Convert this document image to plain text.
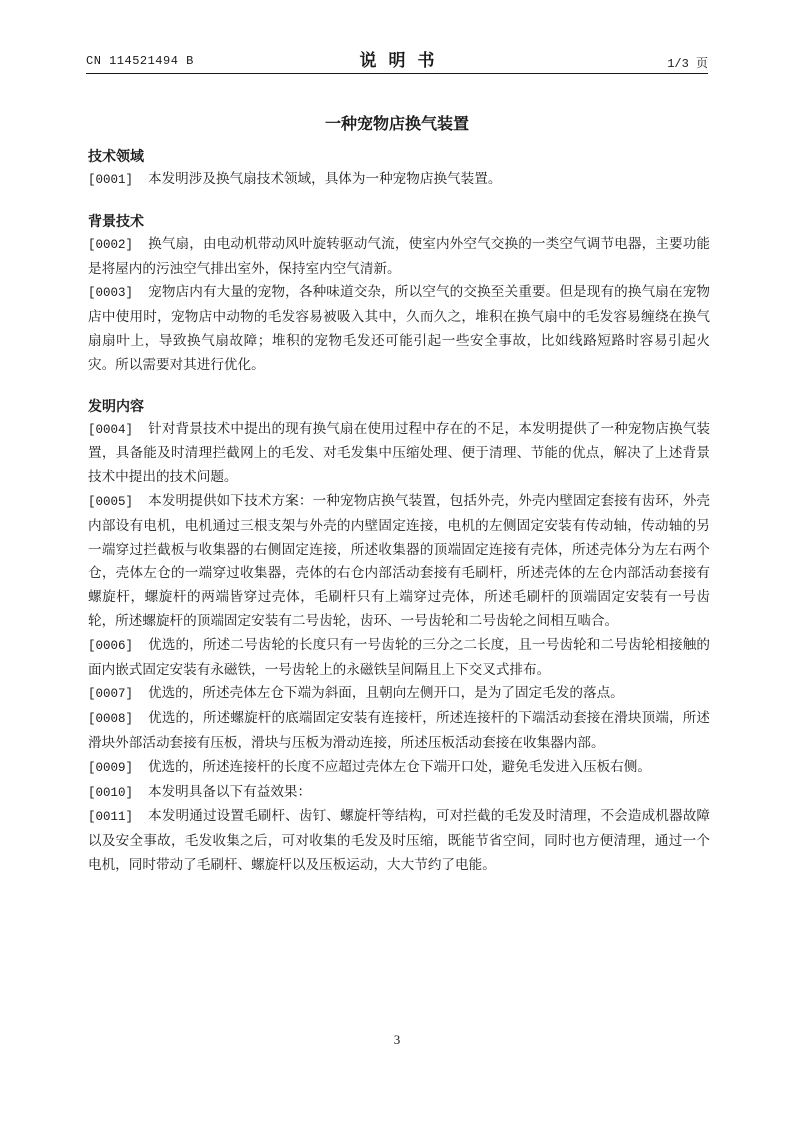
CN 114521494 B	说明书	1/3 页
一种宠物店换气装置
技术领域

[0001] 本发明涉及换气扇技术领域，具体为一种宠物店换气装置。

背景技术

[0002] 换气扇，由电动机带动风叶旋转驱动气流，使室内外空气交换的一类空气调节电器，主要功能是将屋内的污浊空气排出室外，保持室内空气清新。

[0003] 宠物店内有大量的宠物，各种味道交杂，所以空气的交换至关重要。但是现有的换气扇在宠物店中使用时，宠物店中动物的毛发容易被吸入其中，久而久之，堆积在换气扇中的毛发容易缠绕在换气扇扇叶上，导致换气扇故障；堆积的宠物毛发还可能引起一些安全事故，比如线路短路时容易引起火灾。所以需要对其进行优化。

发明内容

[0004] 针对背景技术中提出的现有换气扇在使用过程中存在的不足，本发明提供了一种宠物店换气装置，具备能及时清理拦截网上的毛发、对毛发集中压缩处理、便于清理、节能的优点，解决了上述背景技术中提出的技术问题。

[0005] 本发明提供如下技术方案：一种宠物店换气装置，包括外壳，外壳内壁固定套接有齿环，外壳内部设有电机，电机通过三根支架与外壳的内壁固定连接，电机的左侧固定安装有传动轴，传动轴的另一端穿过拦截板与收集器的右侧固定连接，所述收集器的顶端固定连接有壳体，所述壳体分为左右两个仓，壳体左仓的一端穿过收集器，壳体的右仓内部活动套接有毛刷杆，所述壳体的左仓内部活动套接有螺旋杆，螺旋杆的两端皆穿过壳体，毛刷杆只有上端穿过壳体，所述毛刷杆的顶端固定安装有一号齿轮，所述螺旋杆的顶端固定安装有二号齿轮，齿环、一号齿轮和二号齿轮之间相互啮合。

[0006] 优选的，所述二号齿轮的长度只有一号齿轮的三分之二长度，且一号齿轮和二号齿轮相接触的面内嵌式固定安装有永磁铁，一号齿轮上的永磁铁呈间隔且上下交叉式排布。

[0007] 优选的，所述壳体左仓下端为斜面，且朝向左侧开口，是为了固定毛发的落点。

[0008] 优选的，所述螺旋杆的底端固定安装有连接杆，所述连接杆的下端活动套接在滑块顶端，所述滑块外部活动套接有压板，滑块与压板为滑动连接，所述压板活动套接在收集器内部。

[0009] 优选的，所述连接杆的长度不应超过壳体左仓下端开口处，避免毛发进入压板右侧。

[0010] 本发明具备以下有益效果：

[0011] 本发明通过设置毛刷杆、齿钉、螺旋杆等结构，可对拦截的毛发及时清理，不会造成机器故障以及安全事故，毛发收集之后，可对收集的毛发及时压缩，既能节省空间，同时也方便清理，通过一个电机，同时带动了毛刷杆、螺旋杆以及压板运动，大大节约了电能。

3
